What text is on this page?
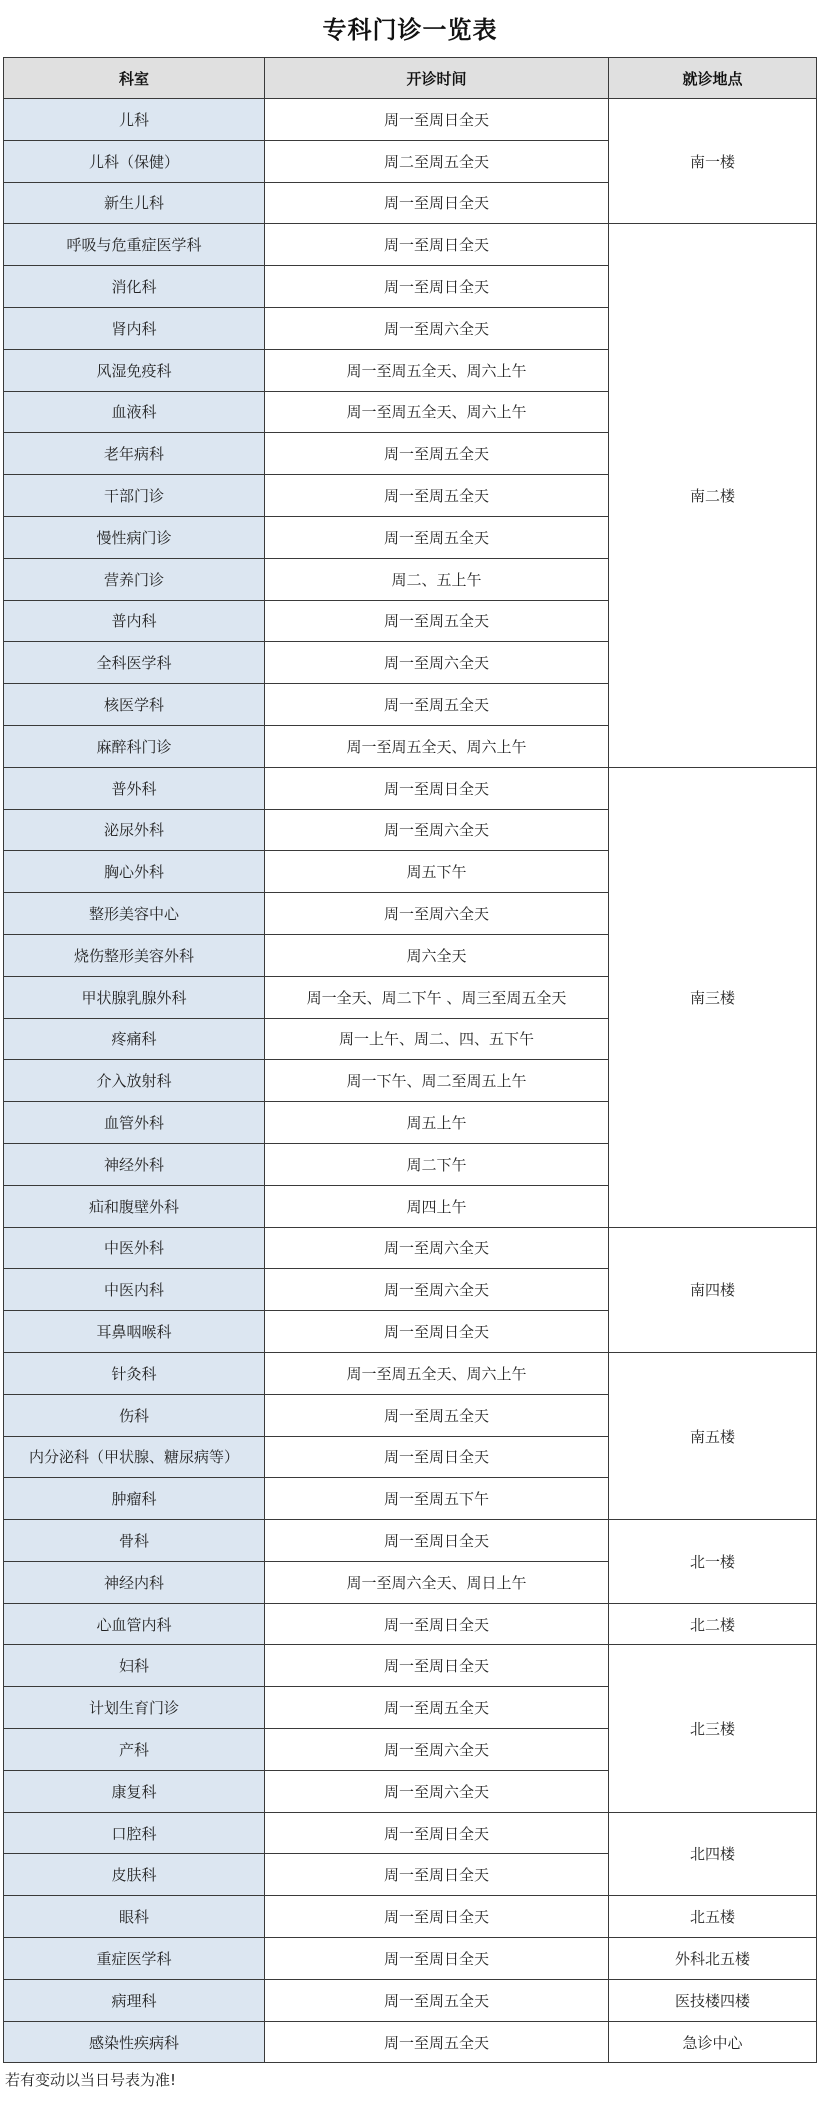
专科门诊一览表
科室	开诊时间	就诊地点
儿科	周一至周日全天	南一楼
儿科（保健）	周二至周五全天	
新生儿科	周一至周日全天	
呼吸与危重症医学科	周一至周日全天	南二楼
消化科	周一至周日全天	
肾内科	周一至周六全天	
风湿免疫科	周一至周五全天、周六上午	
血液科	周一至周五全天、周六上午	
老年病科	周一至周五全天	
干部门诊	周一至周五全天	
慢性病门诊	周一至周五全天	
营养门诊	周二、五上午	
普内科	周一至周五全天	
全科医学科	周一至周六全天	
核医学科	周一至周五全天	
麻醉科门诊	周一至周五全天、周六上午	
普外科	周一至周日全天	南三楼
泌尿外科	周一至周六全天	
胸心外科	周五下午	
整形美容中心	周一至周六全天	
烧伤整形美容外科	周六全天	
甲状腺乳腺外科	周一全天、周二下午 、周三至周五全天	
疼痛科	周一上午、周二、四、五下午	
介入放射科	周一下午、周二至周五上午	
血管外科	周五上午	
神经外科	周二下午	
疝和腹壁外科	周四上午	
中医外科	周一至周六全天	南四楼
中医内科	周一至周六全天	
耳鼻咽喉科	周一至周日全天	
针灸科	周一至周五全天、周六上午	南五楼
伤科	周一至周五全天	
内分泌科（甲状腺、糖尿病等）	周一至周日全天	
肿瘤科	周一至周五下午	
骨科	周一至周日全天	北一楼
神经内科	周一至周六全天、周日上午	
心血管内科	周一至周日全天	北二楼
妇科	周一至周日全天	北三楼
计划生育门诊	周一至周五全天	
产科	周一至周六全天	
康复科	周一至周六全天	
口腔科	周一至周日全天	北四楼
皮肤科	周一至周日全天	
眼科	周一至周日全天	北五楼
重症医学科	周一至周日全天	外科北五楼
病理科	周一至周五全天	医技楼四楼
感染性疾病科	周一至周五全天	急诊中心
若有变动以当日号表为准!
